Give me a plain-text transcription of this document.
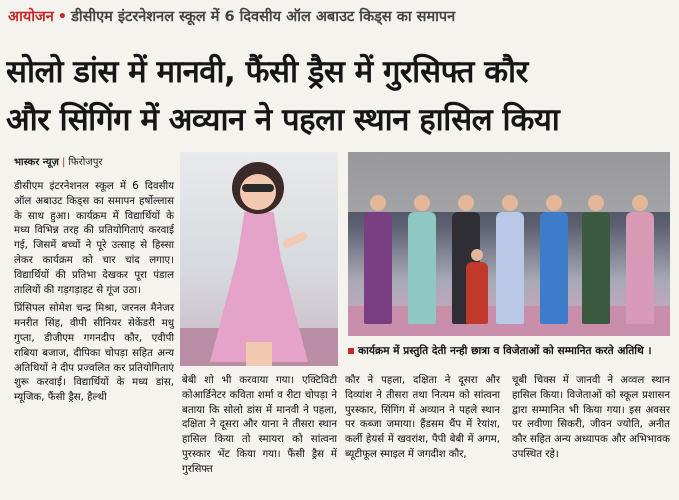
आयोजन • डीसीएम इंटरनेशनल स्कूल में 6 दिवसीय ऑल अबाउट किड्स का समापन
सोलो डांस में मानवी, फैंसी ड्रैस में गुरसिफ्त कौर
और सिंगिंग में अव्यान ने पहला स्थान हासिल किया
भास्कर न्यूज़ | फिरोजपुर

डीसीएम इंटरनेशनल स्कूल में 6 दिवसीय ऑल अबाउट किड्स का समापन हर्षोल्लास के साथ हुआ। कार्यक्रम में विद्यार्थियों के मध्य विभिन्न तरह की प्रतियोगिताएं करवाई गई, जिसमें बच्चों ने पूरे उत्साह से हिस्सा लेकर कार्यक्रम को चार चांद लगाए। विद्यार्थियों की प्रतिभा देखकर पूरा पंडाल तालियों की गड़गड़ाहट से गूंज उठा।

प्रिंसिपल सोमेश चन्द्र मिश्रा, जरनल मैनेजर मनरीत सिंह, वीपी सीनियर सेकेंडरी मधु गुप्ता, डीजीएम गगनदीप कौर, एवीपी राबिया बजाज, दीपिका चोपड़ा सहित अन्य अतिथियों ने दीप प्रज्वलित कर प्रतियोगिताएं शुरू करवाई। विद्यार्थियों के मध्य डांस, म्यूजिक, फैंसी ड्रैस, हैल्थी

कार्यक्रम में प्रस्तुति देती नन्ही छात्रा व विजेताओं को सम्मानित करते अतिथि ।

बेबी शो भी करवाया गया। एक्टिविटी कोआर्डिनेटर कविता शर्मा व रीटा चोपड़ा ने बताया कि सोलो डांस में मानवी ने पहला, दक्षिता ने दूसरा और याना ने तीसरा स्थान हासिल किया तो स्मायरा को सांत्वना पुरस्कार भेंट किया गया। फैंसी ड्रैस में गुरसिफ्त

कौर ने पहला, दक्षिता ने दूसरा और दिव्यांश ने तीसरा तथा नित्यम को सांत्वना पुरस्कार, सिंगिंग में अव्यान ने पहले स्थान पर कब्जा जमाया। हैंडसम चैंप में रेयांश, कर्ली हेयर्स में खवरांश, पैपी बेबी में अगम, ब्यूटीफूल स्माइल में जगदीश कौर,

चूबी चिक्स में जानवी ने अव्वल स्थान हासिल किया। विजेताओं को स्कूल प्रशासन द्वारा सम्मानित भी किया गया। इस अवसर पर लवीणा सिकरी, जीवन ज्योति, अनीत कौर सहित अन्य अध्यापक और अभिभावक उपस्थित रहे।
